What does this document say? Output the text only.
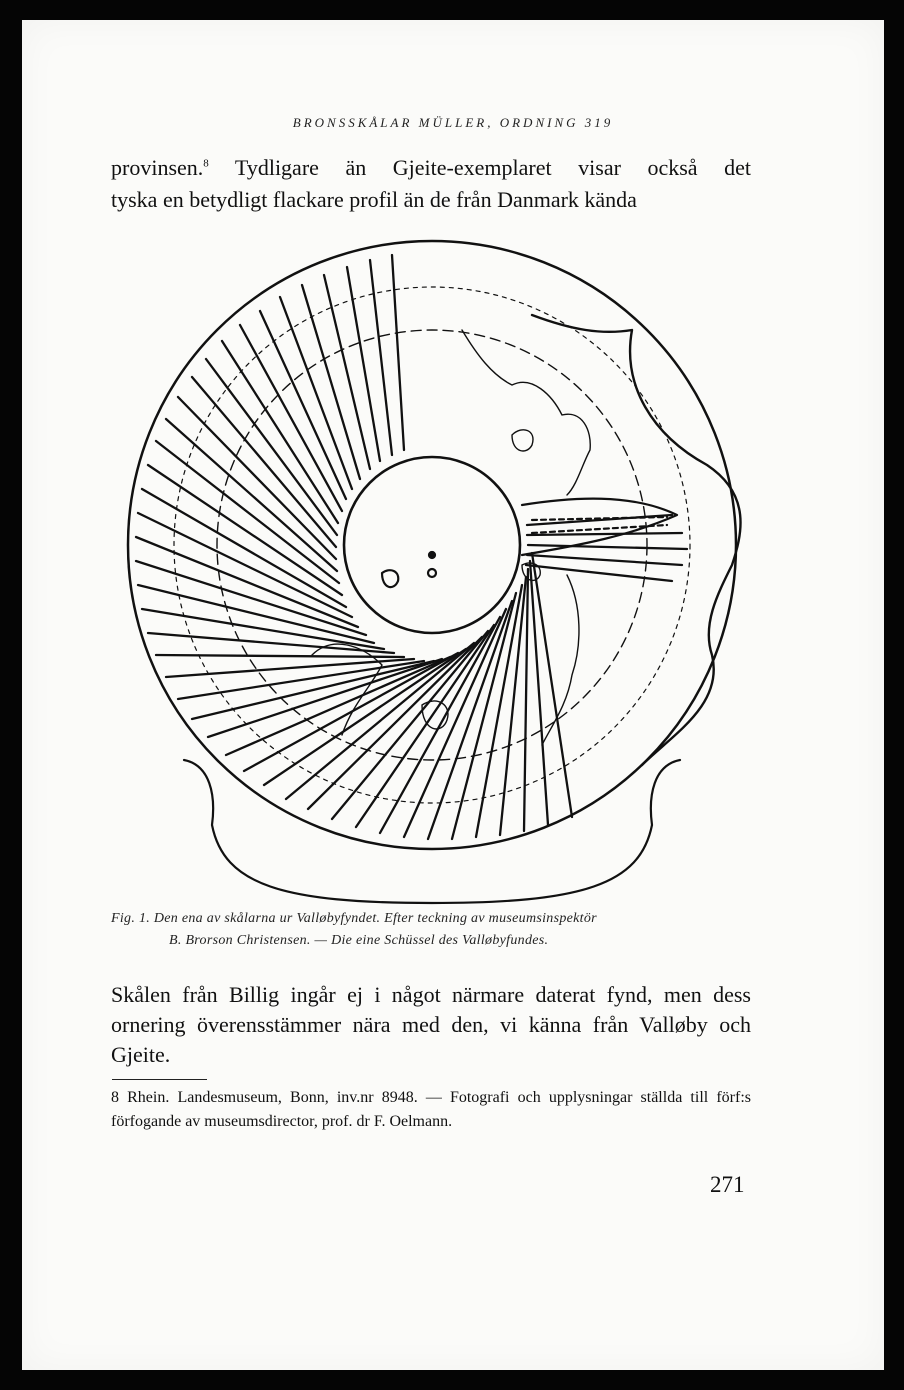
BRONSSKÅLAR MÜLLER, ORDNING 319
provinsen.$^8$ Tydligare än Gjeite-exemplaret visar också det
tyska en betydligt flackare profil än de från Danmark kända
Fig. 1. Den ena av skålarna ur Valløbyfyndet. Efter teckning av museumsinspektör
B. Brorson Christensen. — Die eine Schüssel des Valløbyfundes.
Skålen från Billig ingår ej i något närmare daterat fynd, men dess ornering överensstämmer nära med den, vi känna från Valløby och Gjeite.
8 Rhein. Landesmuseum, Bonn, inv.nr 8948. — Fotografi och upplysningar ställda till förf:s förfogande av museumsdirector, prof. dr F. Oelmann.
271
